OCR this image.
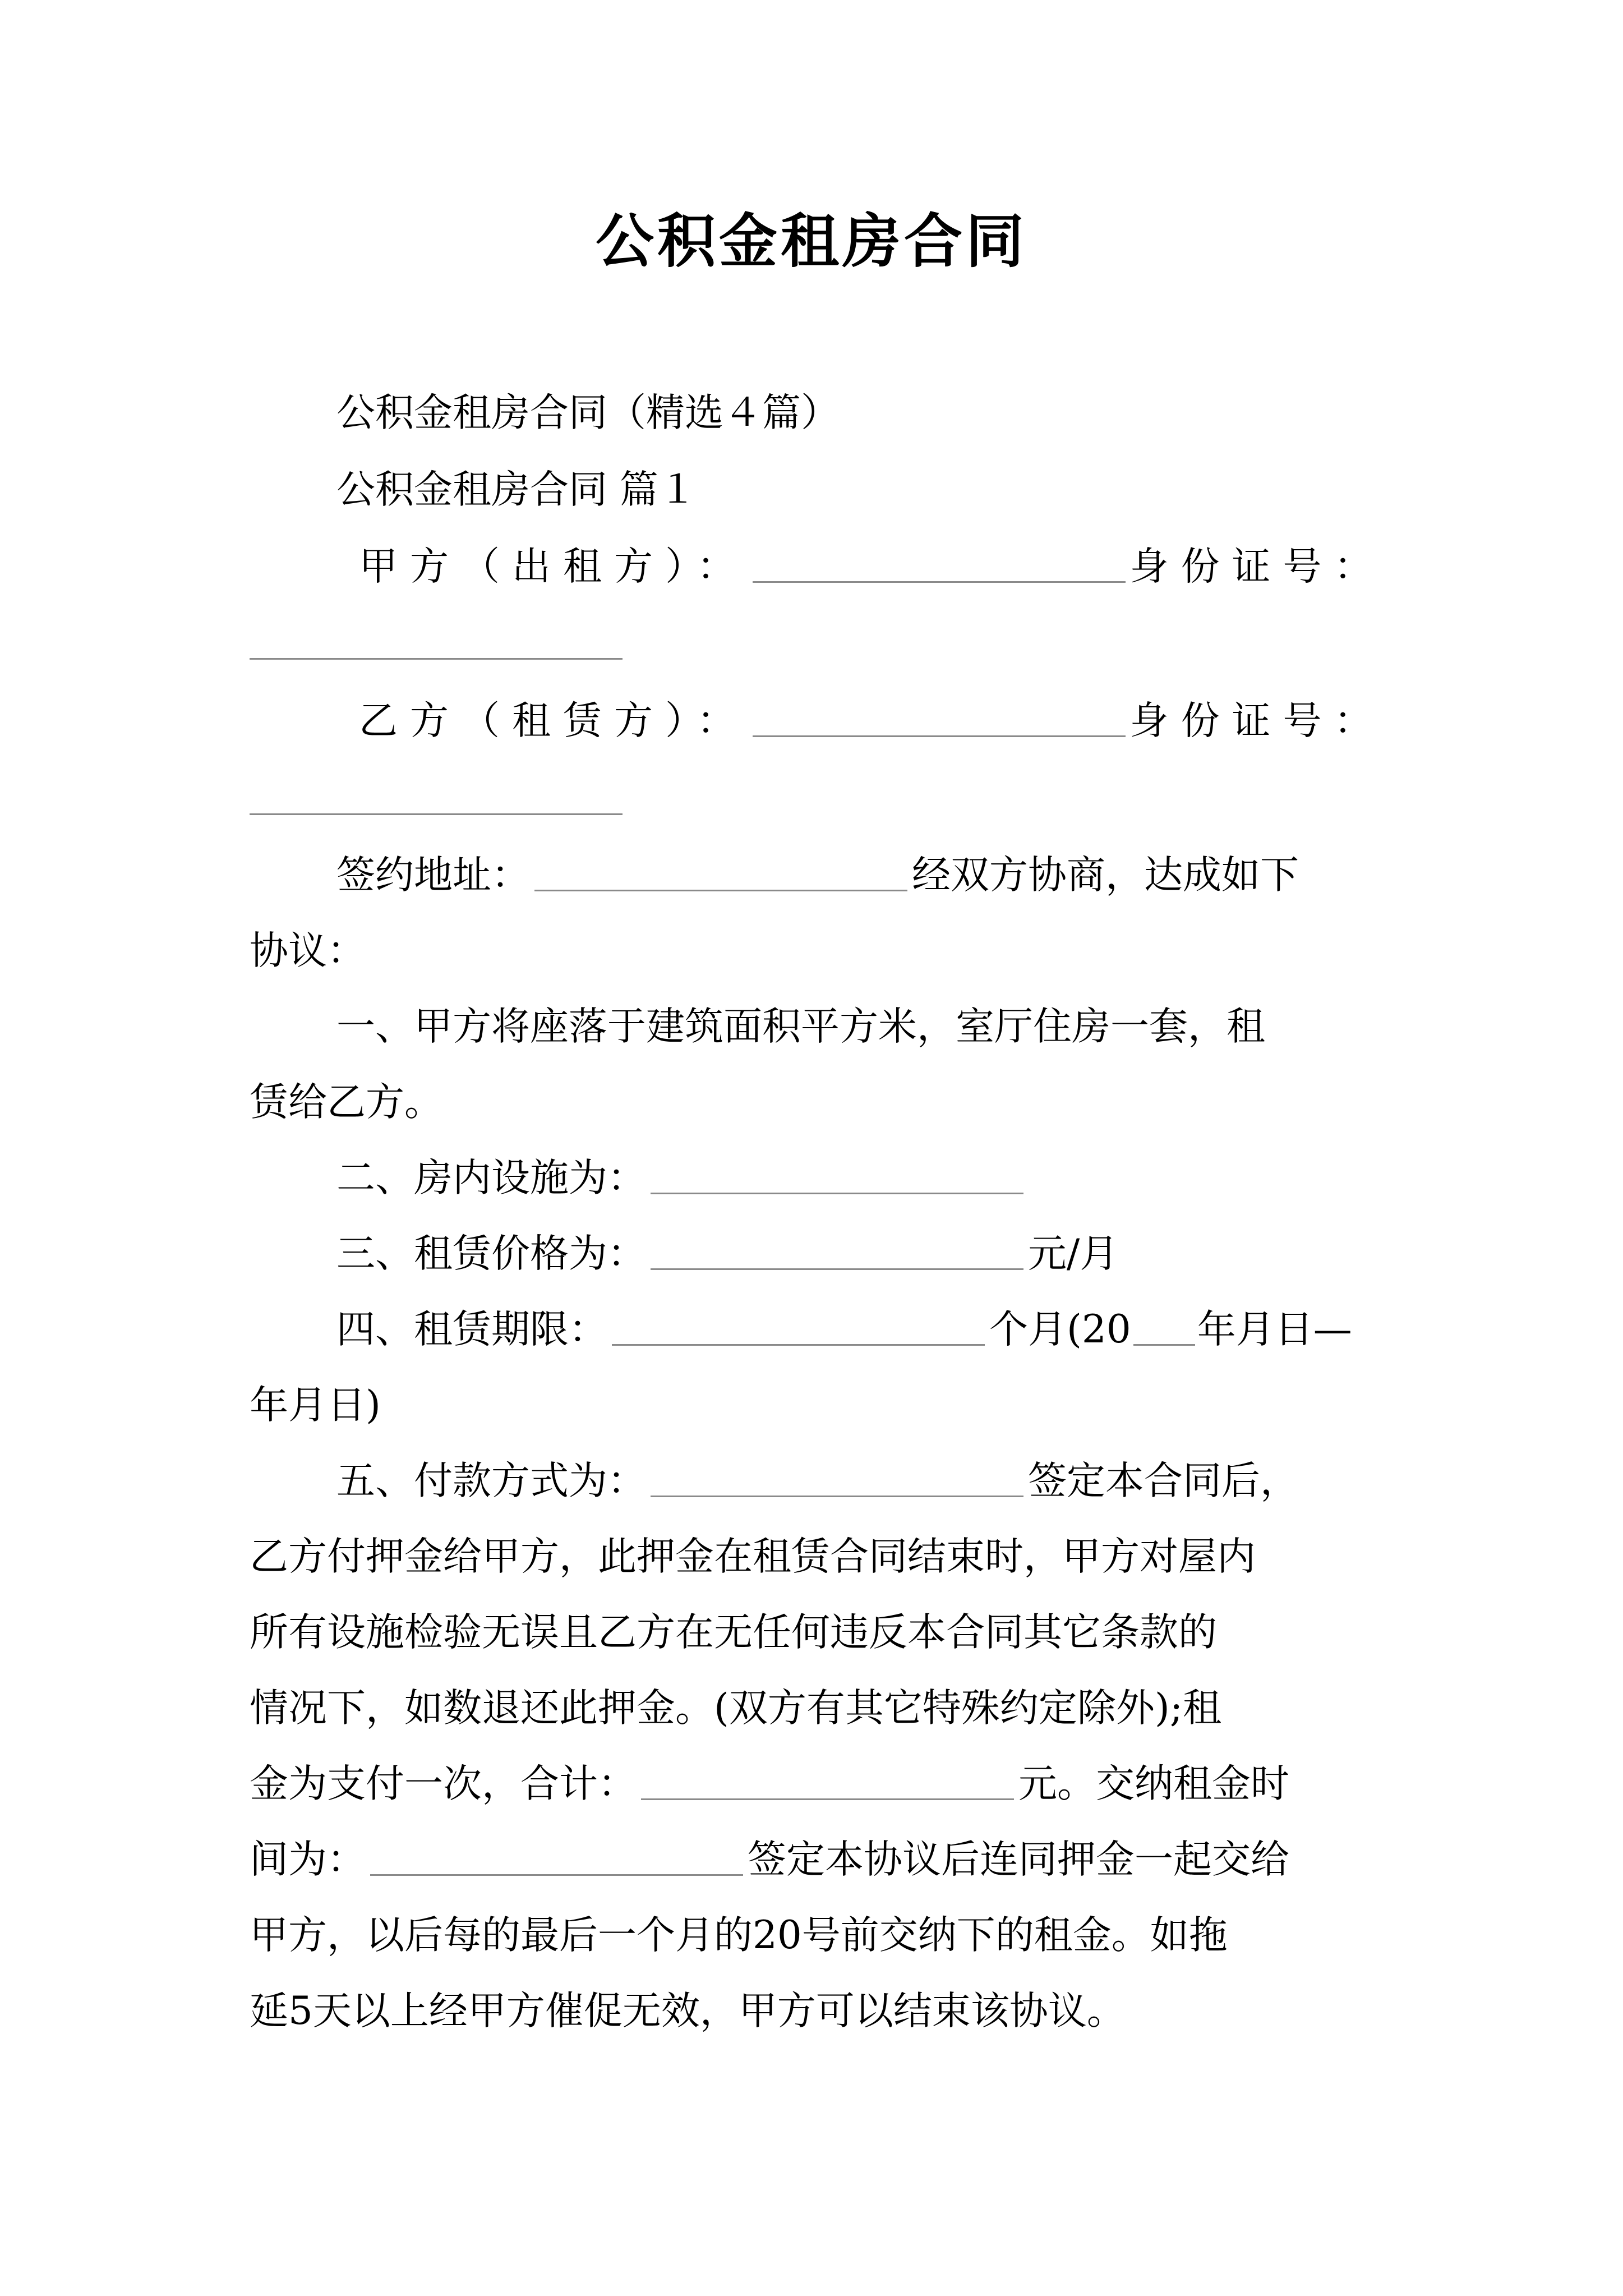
公积金租房合同
公积金租房合同（精选４篇）
公积金租房合同 篇１
甲方（出租方）：	身份证号：
乙方（租赁方）：	身份证号：
签约地址：	经双方协商，达成如下
协议：
一、甲方将座落于建筑面积平方米，室厅住房一套，租
赁给乙方。
二、房内设施为：
三、租赁价格为：	元/月
四、租赁期限：	个月(20 年月日—
年月日)
五、付款方式为：	签定本合同后，
乙方付押金给甲方，此押金在租赁合同结束时，甲方对屋内
所有设施检验无误且乙方在无任何违反本合同其它条款的
情况下，如数退还此押金。(双方有其它特殊约定除外);租
金为支付一次，合计：	元。交纳租金时
间为：	签定本协议后连同押金一起交给
甲方，以后每的最后一个月的20号前交纳下的租金。如拖
延5天以上经甲方催促无效，甲方可以结束该协议。
